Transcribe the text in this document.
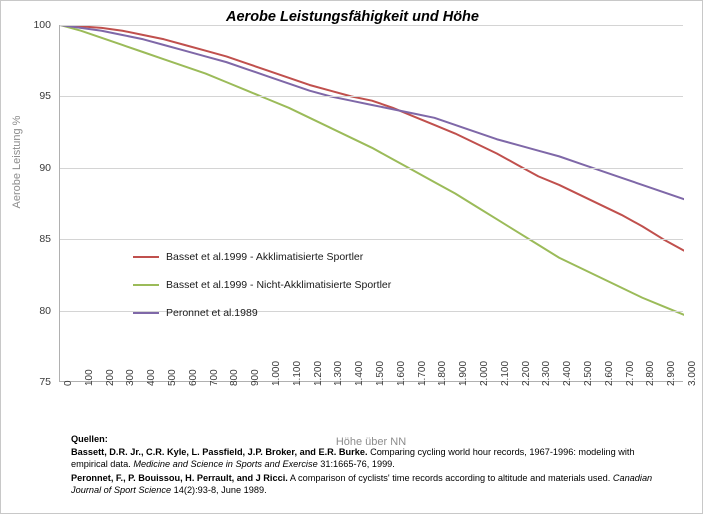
Aerobe Leistungsfähigkeit und Höhe
Aerobe Leistung %
75
80
85
90
95
100
0 100 200 300 400 500 600 700 800 900 1.000 1.100 1.200 1.300 1.400 1.500 1.600 1.700 1.800 1.900 2.000 2.100 2.200 2.300 2.400 2.500 2.600 2.700 2.800 2.900 3.000
Höhe über NN
Basset et al.1999 - Akklimatisierte Sportler
Basset et al.1999 - Nicht-Akklimatisierte Sportler
Peronnet et al.1989
Quellen:
Bassett, D.R. Jr., C.R. Kyle, L. Passfield, J.P. Broker, and E.R. Burke. Comparing cycling world hour records, 1967-1996: modeling with empirical data. Medicine and Science in Sports and Exercise 31:1665-76, 1999.
Peronnet, F., P. Bouissou, H. Perrault, and J Ricci. A comparison of cyclists' time records according to altitude and materials used. Canadian Journal of Sport Science 14(2):93-8, June 1989.
